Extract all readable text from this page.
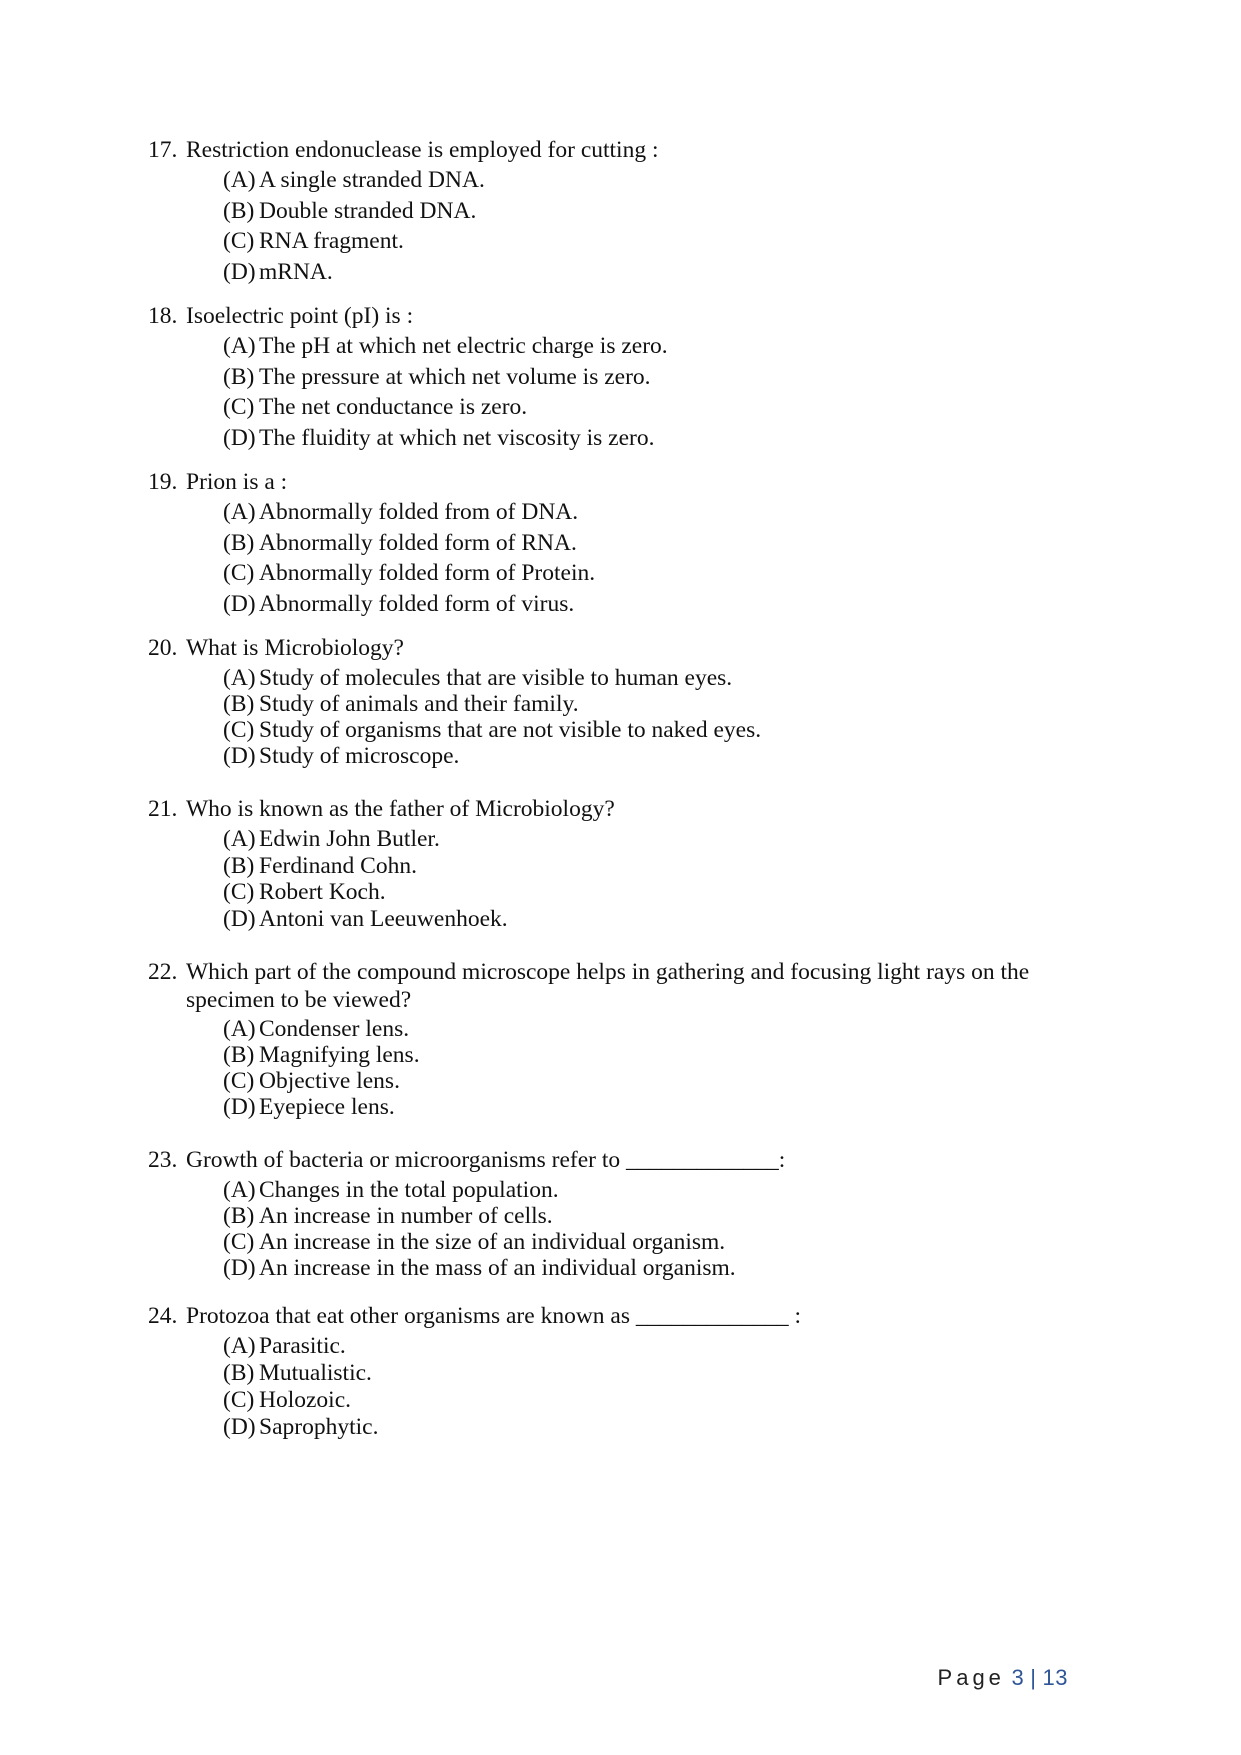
17. Restriction endonuclease is employed for cutting :
(A) A single stranded DNA.
(B) Double stranded DNA.
(C) RNA fragment.
(D) mRNA.
18. Isoelectric point (pI) is :
(A) The pH at which net electric charge is zero.
(B) The pressure at which net volume is zero.
(C) The net conductance is zero.
(D) The fluidity at which net viscosity is zero.
19. Prion is a :
(A) Abnormally folded from of DNA.
(B) Abnormally folded form of RNA.
(C) Abnormally folded form of Protein.
(D) Abnormally folded form of virus.
20. What is Microbiology?
(A) Study of molecules that are visible to human eyes.
(B) Study of animals and their family.
(C) Study of organisms that are not visible to naked eyes.
(D) Study of microscope.
21. Who is known as the father of Microbiology?
(A) Edwin John Butler.
(B) Ferdinand Cohn.
(C) Robert Koch.
(D) Antoni van Leeuwenhoek.
22. Which part of the compound microscope helps in gathering and focusing light rays on the specimen to be viewed?
(A) Condenser lens.
(B) Magnifying lens.
(C) Objective lens.
(D) Eyepiece lens.
23. Growth of bacteria or microorganisms refer to _____________:
(A) Changes in the total population.
(B) An increase in number of cells.
(C) An increase in the size of an individual organism.
(D) An increase in the mass of an individual organism.
24. Protozoa that eat other organisms are known as _____________ :
(A) Parasitic.
(B) Mutualistic.
(C) Holozoic.
(D) Saprophytic.
Page 3 | 13
